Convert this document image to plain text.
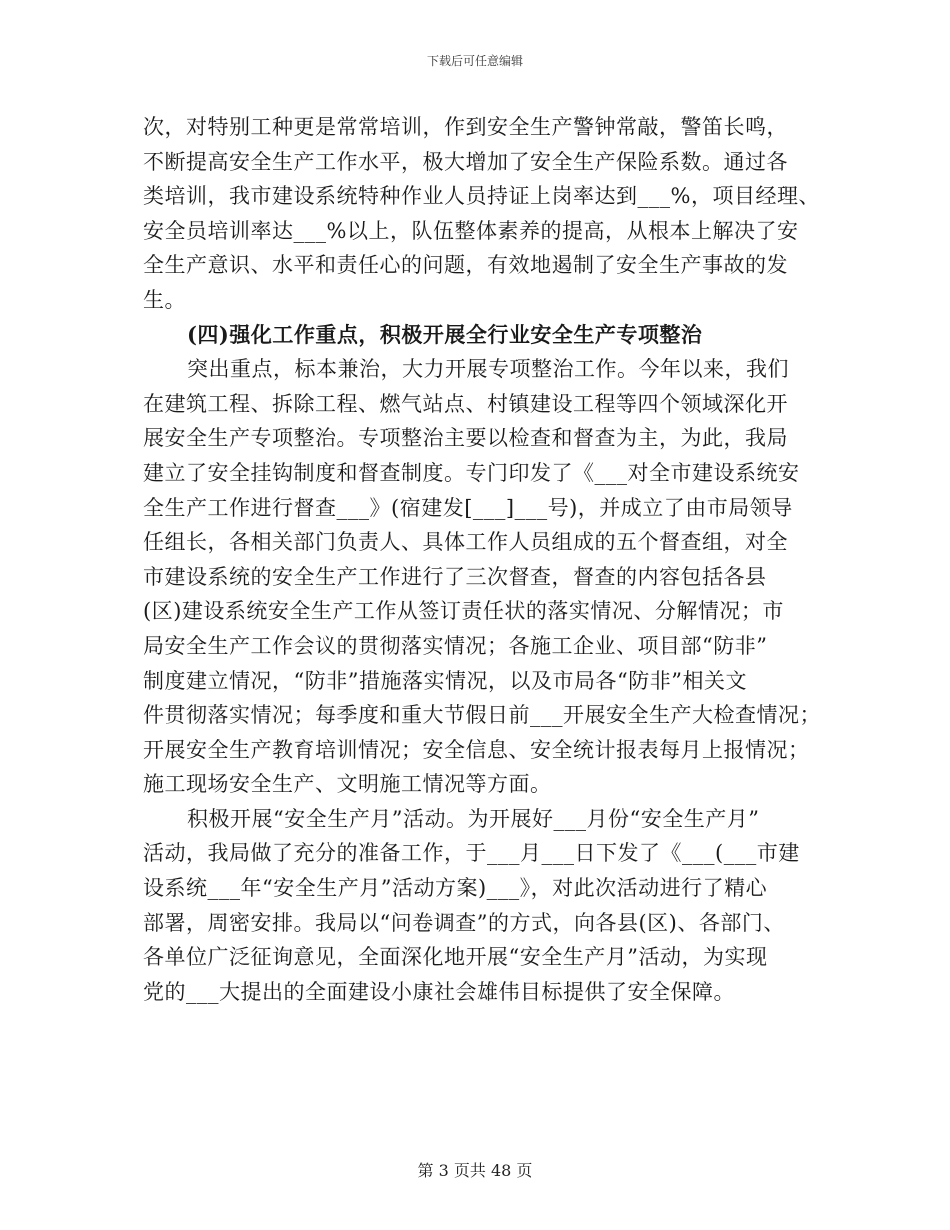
下载后可任意编辑
次，对特别工种更是常常培训，作到安全生产警钟常敲，警笛长鸣，
不断提高安全生产工作水平，极大增加了安全生产保险系数。通过各
类培训，我市建设系统特种作业人员持证上岗率达到___%，项目经理、
安全员培训率达___%以上，队伍整体素养的提高，从根本上解决了安
全生产意识、水平和责任心的问题，有效地遏制了安全生产事故的发
生。
(四)强化工作重点，积极开展全行业安全生产专项整治
突出重点，标本兼治，大力开展专项整治工作。今年以来，我们
在建筑工程、拆除工程、燃气站点、村镇建设工程等四个领域深化开
展安全生产专项整治。专项整治主要以检查和督查为主，为此，我局
建立了安全挂钩制度和督查制度。专门印发了《___对全市建设系统安
全生产工作进行督查___》(宿建发[___]___号)，并成立了由市局领导
任组长，各相关部门负责人、具体工作人员组成的五个督查组，对全
市建设系统的安全生产工作进行了三次督查，督查的内容包括各县
(区)建设系统安全生产工作从签订责任状的落实情况、分解情况；市
局安全生产工作会议的贯彻落实情况；各施工企业、项目部“防非”
制度建立情况，“防非”措施落实情况，以及市局各“防非”相关文
件贯彻落实情况；每季度和重大节假日前___开展安全生产大检查情况；
开展安全生产教育培训情况；安全信息、安全统计报表每月上报情况；
施工现场安全生产、文明施工情况等方面。
积极开展“安全生产月”活动。为开展好___月份“安全生产月”
活动，我局做了充分的准备工作，于___月___日下发了《___(___市建
设系统___年“安全生产月”活动方案)___》，对此次活动进行了精心
部署，周密安排。我局以“问卷调查”的方式，向各县(区)、各部门、
各单位广泛征询意见，全面深化地开展“安全生产月”活动，为实现
党的___大提出的全面建设小康社会雄伟目标提供了安全保障。
第 3 页共 48 页
